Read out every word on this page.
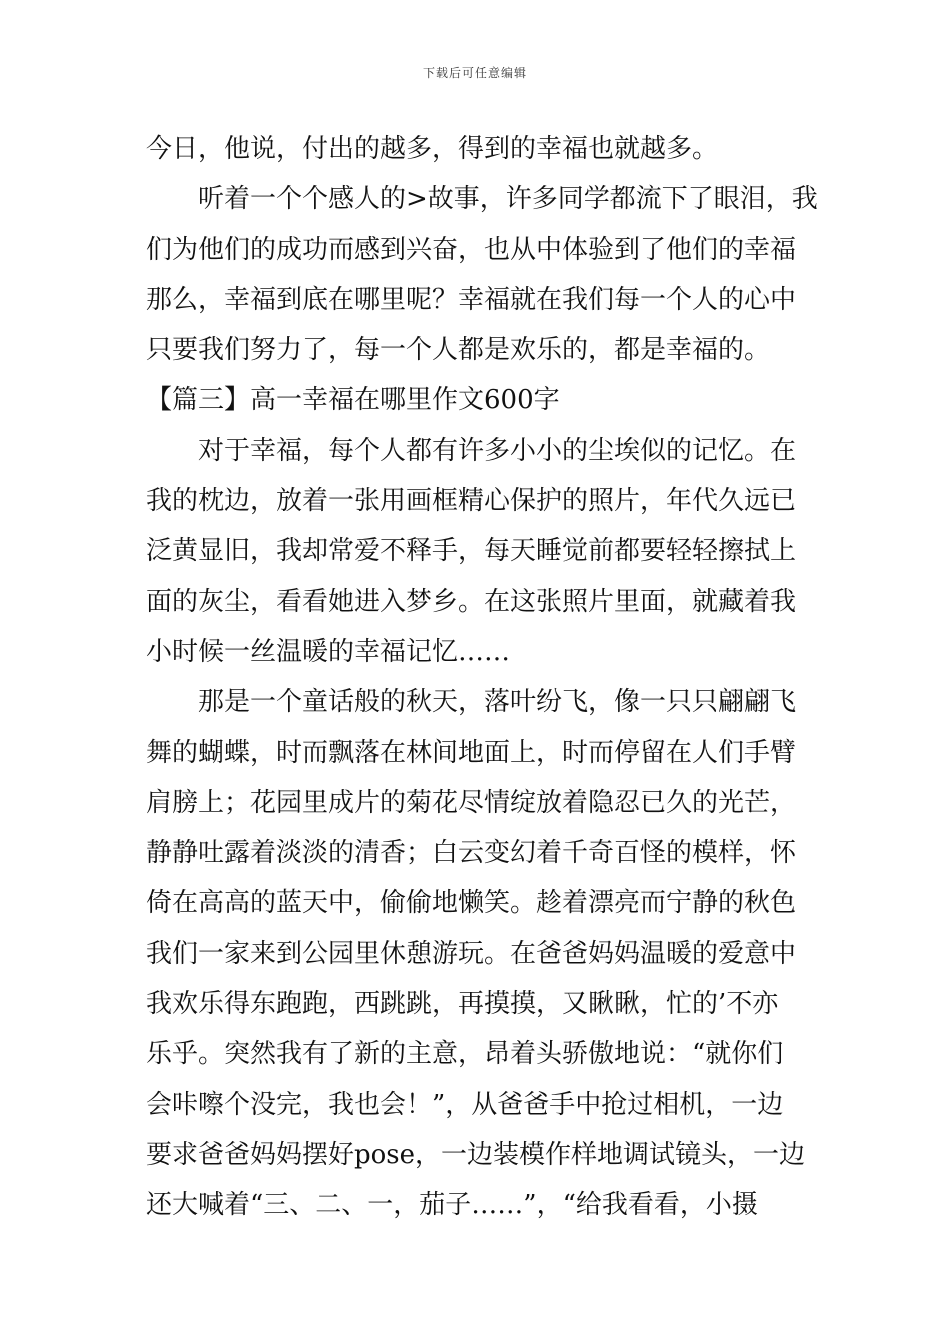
下载后可任意编辑
今日，他说，付出的越多，得到的幸福也就越多。
听着一个个感人的>故事，许多同学都流下了眼泪，我
们为他们的成功而感到兴奋，也从中体验到了他们的幸福
那么，幸福到底在哪里呢？幸福就在我们每一个人的心中
只要我们努力了，每一个人都是欢乐的，都是幸福的。
【篇三】高一幸福在哪里作文600字
对于幸福，每个人都有许多小小的尘埃似的记忆。在
我的枕边，放着一张用画框精心保护的照片，年代久远已
泛黄显旧，我却常爱不释手，每天睡觉前都要轻轻擦拭上
面的灰尘，看看她进入梦乡。在这张照片里面，就藏着我
小时候一丝温暖的幸福记忆……
那是一个童话般的秋天，落叶纷飞，像一只只翩翩飞
舞的蝴蝶，时而飘落在林间地面上，时而停留在人们手臂
肩膀上；花园里成片的菊花尽情绽放着隐忍已久的光芒，
静静吐露着淡淡的清香；白云变幻着千奇百怪的模样，怀
倚在高高的蓝天中，偷偷地懒笑。趁着漂亮而宁静的秋色
我们一家来到公园里休憩游玩。在爸爸妈妈温暖的爱意中
我欢乐得东跑跑，西跳跳，再摸摸，又瞅瞅，忙的’不亦
乐乎。突然我有了新的主意，昂着头骄傲地说：“就你们
会咔嚓个没完，我也会！”，从爸爸手中抢过相机，一边
要求爸爸妈妈摆好pose，一边装模作样地调试镜头，一边
还大喊着“三、二、一，茄子……”，“给我看看，小摄
